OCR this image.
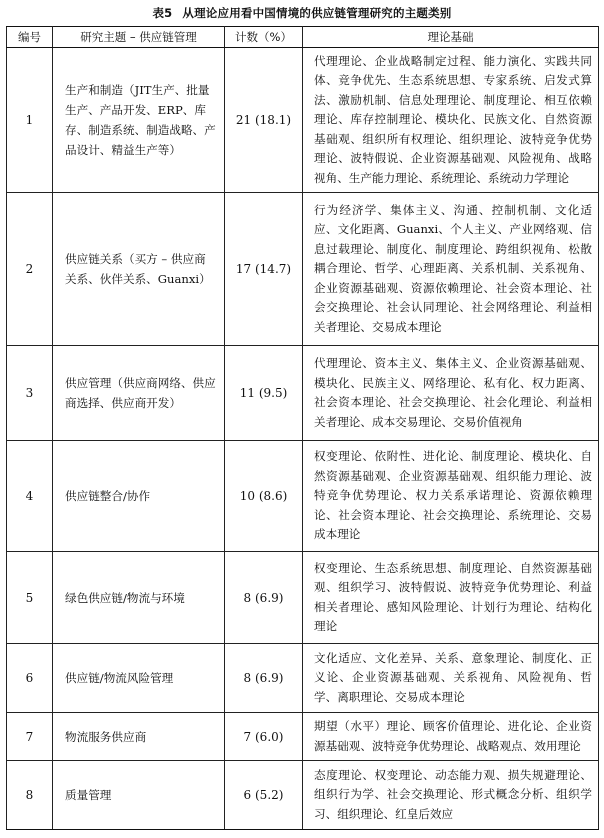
表5 从理论应用看中国情境的供应链管理研究的主题类别
编号	研究主题 – 供应链管理	计数（%）	理论基础
1	生产和制造（JIT生产、批量生产、产品开发、ERP、库存、制造系统、制造战略、产品设计、精益生产等）	21 (18.1)	代理理论、企业战略制定过程、能力演化、实践共同体、竞争优先、生态系统思想、专家系统、启发式算法、激励机制、信息处理理论、制度理论、相互依赖理论、库存控制理论、模块化、民族文化、自然资源基础观、组织所有权理论、组织理论、波特竞争优势理论、波特假说、企业资源基础观、风险视角、战略视角、生产能力理论、系统理论、系统动力学理论
2	供应链关系（买方 – 供应商关系、伙伴关系、Guanxi）	17 (14.7)	行为经济学、集体主义、沟通、控制机制、文化适应、文化距离、Guanxi、个人主义、产业网络观、信息过载理论、制度化、制度理论、跨组织视角、松散耦合理论、哲学、心理距离、关系机制、关系视角、企业资源基础观、资源依赖理论、社会资本理论、社会交换理论、社会认同理论、社会网络理论、利益相关者理论、交易成本理论
3	供应管理（供应商网络、供应商选择、供应商开发）	11 (9.5)	代理理论、资本主义、集体主义、企业资源基础观、模块化、民族主义、网络理论、私有化、权力距离、社会资本理论、社会交换理论、社会化理论、利益相关者理论、成本交易理论、交易价值视角
4	供应链整合/协作	10 (8.6)	权变理论、依附性、进化论、制度理论、模块化、自然资源基础观、企业资源基础观、组织能力理论、波特竞争优势理论、权力关系承诺理论、资源依赖理论、社会资本理论、社会交换理论、系统理论、交易成本理论
5	绿色供应链/物流与环境	8 (6.9)	权变理论、生态系统思想、制度理论、自然资源基础观、组织学习、波特假说、波特竞争优势理论、利益相关者理论、感知风险理论、计划行为理论、结构化理论
6	供应链/物流风险管理	8 (6.9)	文化适应、文化差异、关系、意象理论、制度化、正义论、企业资源基础观、关系视角、风险视角、哲学、离职理论、交易成本理论
7	物流服务供应商	7 (6.0)	期望（水平）理论、顾客价值理论、进化论、企业资源基础观、波特竞争优势理论、战略观点、效用理论
8	质量管理	6 (5.2)	态度理论、权变理论、动态能力观、损失规避理论、组织行为学、社会交换理论、形式概念分析、组织学习、组织理论、红皇后效应
